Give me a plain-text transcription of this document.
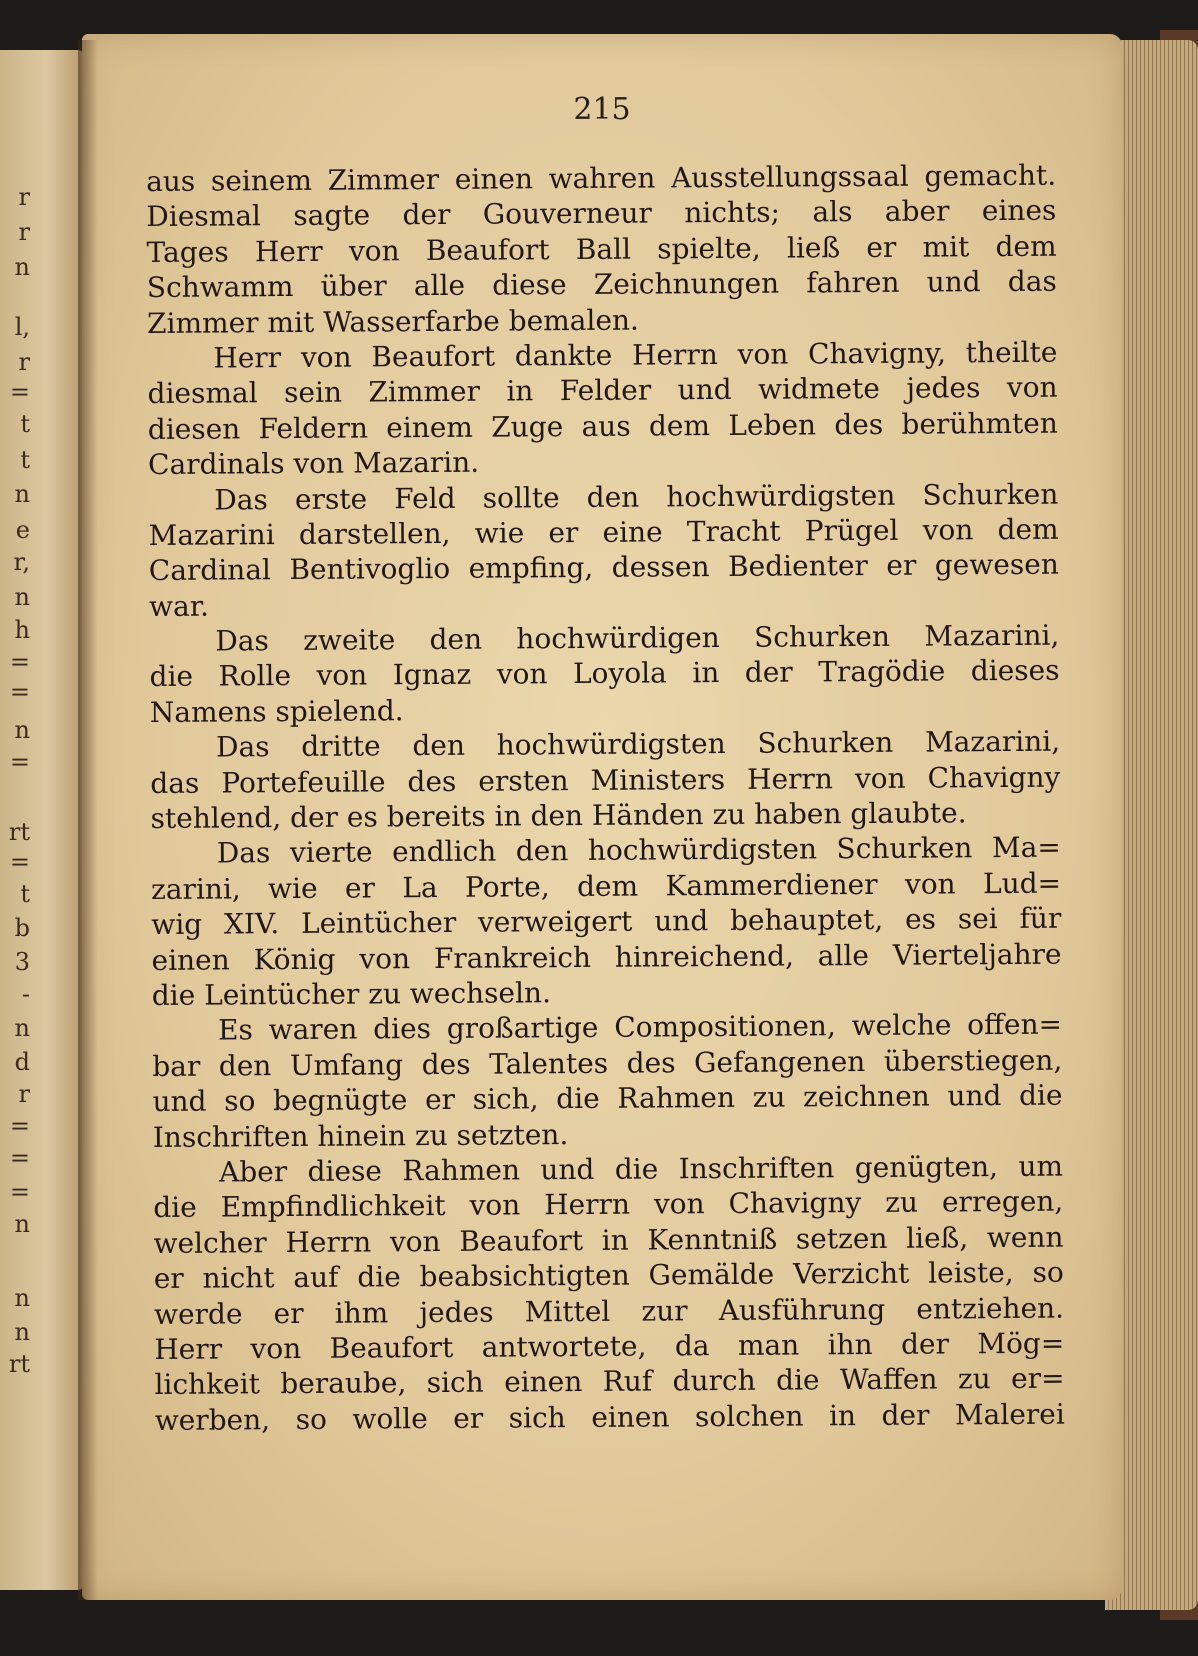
r
r
n
l,
r
=
t
t
n
e
r,
n
h
=
=
n
=
rt
=
t
b
3
-
n
d
r
=
=
=
n
n
n
rt
215
aus seinem Zimmer einen wahren Ausstellungssaal gemacht.
Diesmal sagte der Gouverneur nichts; als aber eines
Tages Herr von Beaufort Ball spielte, ließ er mit dem
Schwamm über alle diese Zeichnungen fahren und das
Zimmer mit Wasserfarbe bemalen.
Herr von Beaufort dankte Herrn von Chavigny, theilte
diesmal sein Zimmer in Felder und widmete jedes von
diesen Feldern einem Zuge aus dem Leben des berühmten
Cardinals von Mazarin.
Das erste Feld sollte den hochwürdigsten Schurken
Mazarini darstellen, wie er eine Tracht Prügel von dem
Cardinal Bentivoglio empfing, dessen Bedienter er gewesen
war.
Das zweite den hochwürdigen Schurken Mazarini,
die Rolle von Ignaz von Loyola in der Tragödie dieses
Namens spielend.
Das dritte den hochwürdigsten Schurken Mazarini,
das Portefeuille des ersten Ministers Herrn von Chavigny
stehlend, der es bereits in den Händen zu haben glaubte.
Das vierte endlich den hochwürdigsten Schurken Ma=
zarini, wie er La Porte, dem Kammerdiener von Lud=
wig XIV. Leintücher verweigert und behauptet, es sei für
einen König von Frankreich hinreichend, alle Vierteljahre
die Leintücher zu wechseln.
Es waren dies großartige Compositionen, welche offen=
bar den Umfang des Talentes des Gefangenen überstiegen,
und so begnügte er sich, die Rahmen zu zeichnen und die
Inschriften hinein zu setzten.
Aber diese Rahmen und die Inschriften genügten, um
die Empfindlichkeit von Herrn von Chavigny zu erregen,
welcher Herrn von Beaufort in Kenntniß setzen ließ, wenn
er nicht auf die beabsichtigten Gemälde Verzicht leiste, so
werde er ihm jedes Mittel zur Ausführung entziehen.
Herr von Beaufort antwortete, da man ihn der Mög=
lichkeit beraube, sich einen Ruf durch die Waffen zu er=
werben, so wolle er sich einen solchen in der Malerei
